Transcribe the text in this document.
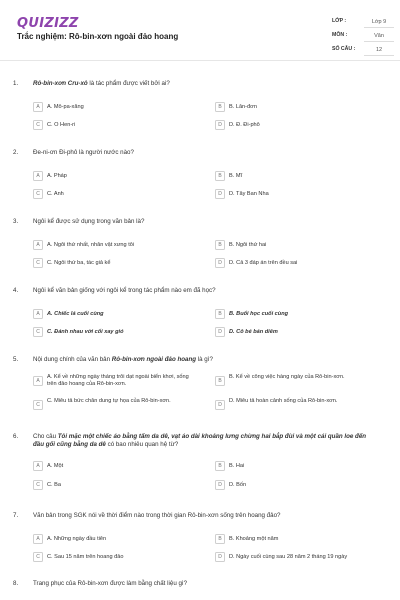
QUIZIZZ
Trắc nghiệm: Rô-bin-xơn ngoài đảo hoang
LỚP :	Lớp 9
MÔN :	Văn
SỐ CÂU :	12
1. Rô-bin-xơn Cru-xô là tác phẩm được viết bởi ai?
A	A. Mô-pa-xăng	B	B. Lân-đơn
C	C. O Hen-ri	D	D. Đ. Đi-phô
2. Đe-ni-ơn Đi-phô là người nước nào?
A	A. Pháp	B	B. Mĩ
C	C. Anh	D	D. Tây Ban Nha
3. Ngôi kể được sử dụng trong văn bản là?
A	A. Ngôi thứ nhất, nhân vật xưng tôi	B	B. Ngôi thứ hai
C	C. Ngôi thứ ba, tác giả kể	D	D. Cả 3 đáp án trên đều sai
4. Ngôi kể văn bản giống với ngôi kể trong tác phẩm nào em đã học?
A	A. Chiếc lá cuối cùng	B	B. Buổi học cuối cùng
C	C. Đánh nhau với cối xay gió	D	D. Cô bé bán diêm
5. Nội dung chính của văn bản Rô-bin-xơn ngoài đảo hoang là gì?
A
A. Kể về những ngày tháng trôi dạt ngoài biển khơi, sống trên đảo hoang của Rô-bin-xơn.	B
B. Kể về công việc hàng ngày của Rô-bin-xơn.
C
C. Miêu tả bức chân dung tự họa của Rô-bin-xơn.
D
D. Miêu tả hoàn cảnh sống của Rô-bin-xơn.
6. Cho câu Tôi mặc một chiếc áo bằng tấm da dê, vạt áo dài khoảng lưng chừng hai bắp đùi và một cái quần loe đến đầu gối cũng bằng da dê có bao nhiêu quan hệ từ?
A	A. Một	B	B. Hai
C	C. Ba	D	D. Bốn
7. Văn bản trong SGK nói về thời điểm nào trong thời gian Rô-bin-xơn sống trên hoang đảo?
A	A. Những ngày đầu tiên	B	B. Khoảng một năm
C	C. Sau 15 năm trên hoang đảo	D	D. Ngày cuối cùng sau 28 năm 2 tháng 19 ngày
8. Trang phục của Rô-bin-xơn được làm bằng chất liệu gì?
